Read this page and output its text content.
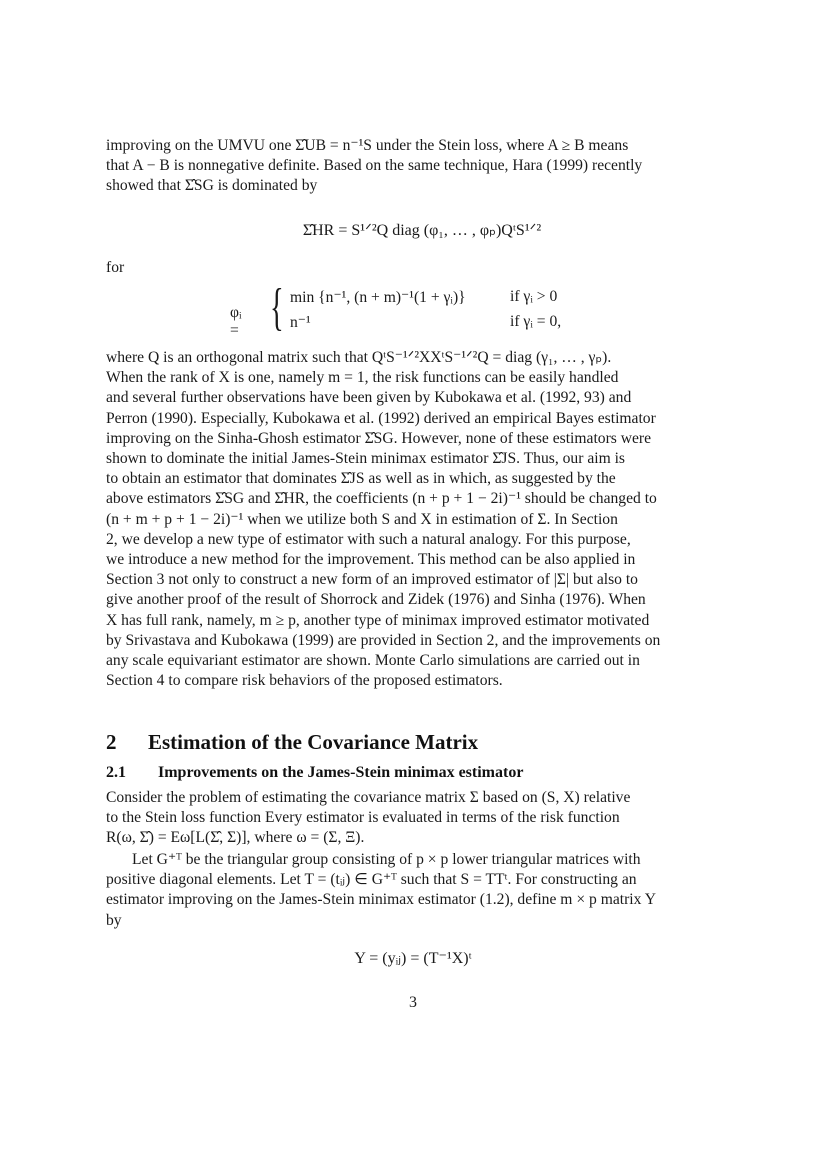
improving on the UMVU one Σ̂UB = n⁻¹S under the Stein loss, where A ≥ B means
that A − B is nonnegative definite. Based on the same technique, Hara (1999) recently
showed that Σ̂SG is dominated by
Σ̂HR = S¹ᐟ²Q diag (φ₁, … , φₚ)QᵗS¹ᐟ²
for
φᵢ = { min {n⁻¹, (n + m)⁻¹(1 + γᵢ)}	if γᵢ > 0
n⁻¹	if γᵢ = 0,
where Q is an orthogonal matrix such that QᵗS⁻¹ᐟ²XXᵗS⁻¹ᐟ²Q = diag (γ₁, … , γₚ).
When the rank of X is one, namely m = 1, the risk functions can be easily handled
and several further observations have been given by Kubokawa et al. (1992, 93) and
Perron (1990). Especially, Kubokawa et al. (1992) derived an empirical Bayes estimator
improving on the Sinha-Ghosh estimator Σ̂SG. However, none of these estimators were
shown to dominate the initial James-Stein minimax estimator Σ̂JS. Thus, our aim is
to obtain an estimator that dominates Σ̂JS as well as in which, as suggested by the
above estimators Σ̂SG and Σ̂HR, the coefficients (n + p + 1 − 2i)⁻¹ should be changed to
(n + m + p + 1 − 2i)⁻¹ when we utilize both S and X in estimation of Σ. In Section
2, we develop a new type of estimator with such a natural analogy. For this purpose,
we introduce a new method for the improvement. This method can be also applied in
Section 3 not only to construct a new form of an improved estimator of |Σ| but also to
give another proof of the result of Shorrock and Zidek (1976) and Sinha (1976). When
X has full rank, namely, m ≥ p, another type of minimax improved estimator motivated
by Srivastava and Kubokawa (1999) are provided in Section 2, and the improvements on
any scale equivariant estimator are shown. Monte Carlo simulations are carried out in
Section 4 to compare risk behaviors of the proposed estimators.
2 Estimation of the Covariance Matrix
2.1 Improvements on the James-Stein minimax estimator
Consider the problem of estimating the covariance matrix Σ based on (S, X) relative
to the Stein loss function Every estimator is evaluated in terms of the risk function
R(ω, Σ̂) = Eω[L(Σ̂, Σ)], where ω = (Σ, Ξ).
Let G⁺ᵀ be the triangular group consisting of p × p lower triangular matrices with
positive diagonal elements. Let T = (tᵢⱼ) ∈ G⁺ᵀ such that S = TTᵗ. For constructing an
estimator improving on the James-Stein minimax estimator (1.2), define m × p matrix Y
by
Y = (yᵢⱼ) = (T⁻¹X)ᵗ
3
